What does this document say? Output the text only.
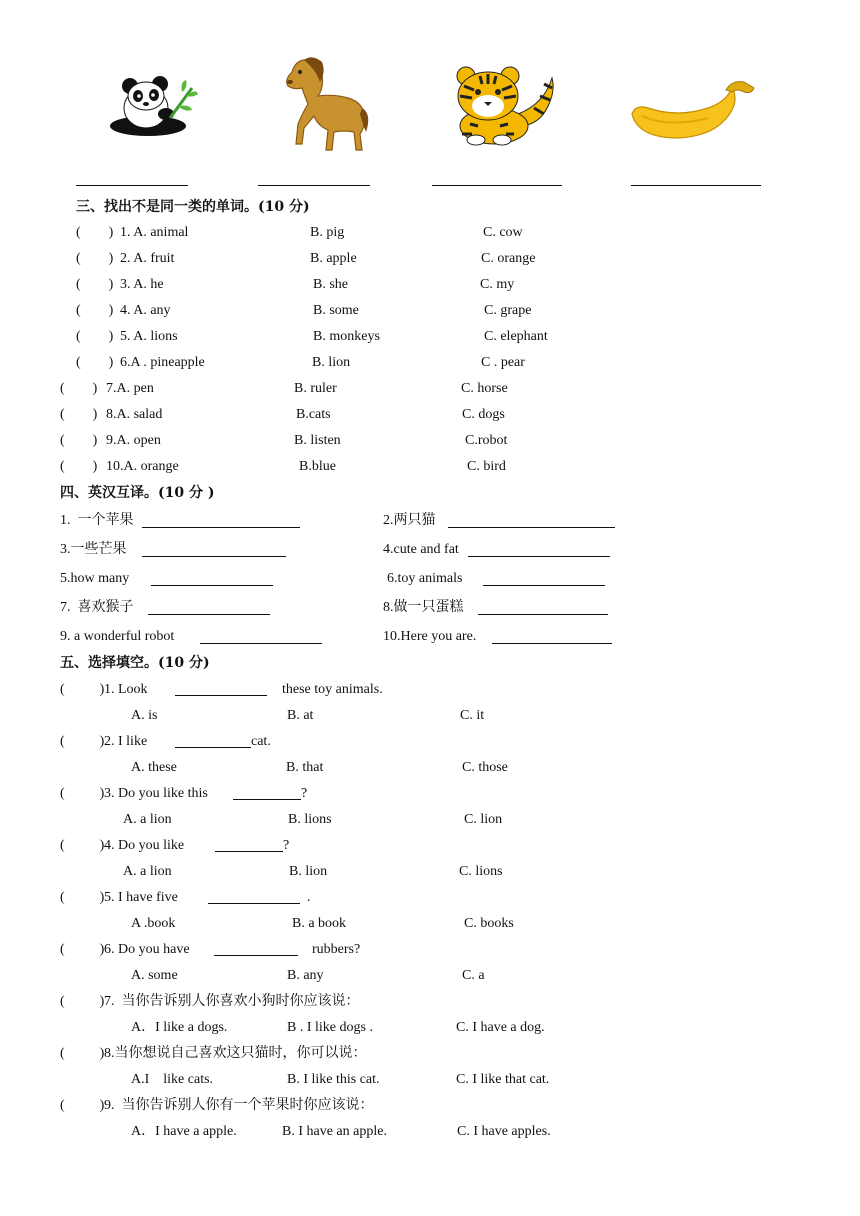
三、找出不是同一类的单词。(10 分)
(        ) 1. A. animal	B. pig	C. cow
(        ) 2. A. fruit	B. apple	C. orange
(        ) 3. A. he	B. she	C. my
(        ) 4. A. any	B. some	C. grape
(        ) 5. A. lions	B. monkeys	C. elephant
(        ) 6.A . pineapple	B. lion	C . pear
(        ) 7.A. pen	B. ruler	C. horse
(        ) 8.A. salad	B.cats	C. dogs
(        ) 9.A. open	B. listen	C.robot
(        ) 10.A. orange	B.blue	C. bird
四、英汉互译。(10 分 )
1.  一个苹果	2.两只猫
3.一些芒果	4.cute and fat
5.how many	6.toy animals
7.  喜欢猴子	8.做一只蛋糕
9. a wonderful robot	10.Here you are.
五、选择填空。(10 分)
(          ) 1. Look	these toy animals.
A. is	B. at	C. it
(          ) 2. I like	cat.
A. these	B. that	C. those
(          ) 3. Do you like this	?
A. a lion	B. lions	C. lion
(          ) 4. Do you like	?
A. a lion	B. lion	C. lions
(          ) 5. I have five	.
A .book	B. a book	C. books
(          ) 6. Do you have	rubbers?
A. some	B. any	C. a
(          ) 7.  当你告诉别人你喜欢小狗时你应该说：
A．I like a dogs.	B . I like dogs .	C. I have a dog.
(          ) 8.当你想说自己喜欢这只猫时，你可以说：
A.I    like cats.	B. I like this cat.	C. I like that cat.
(          ) 9.  当你告诉别人你有一个苹果时你应该说：
A．I have a apple.	B. I have an apple.	C. I have apples.
